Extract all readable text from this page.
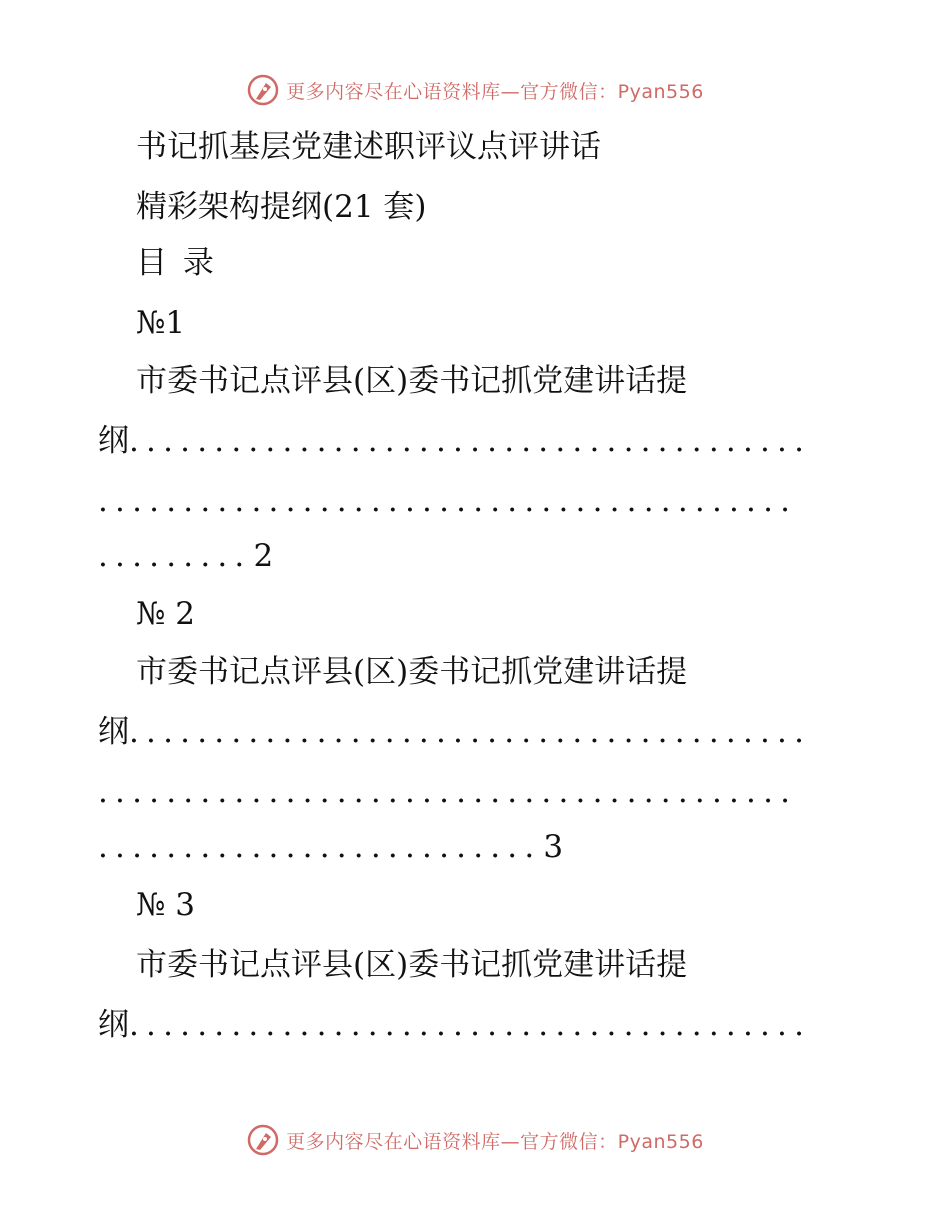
更多内容尽在心语资料库—官方微信：Pyan556
书记抓基层党建述职评议点评讲话
精彩架构提纲(21 套)
目 录
№1
市委书记点评县(区)委书记抓党建讲话提
纲........................................
.........................................
.........2
№ 2
市委书记点评县(区)委书记抓党建讲话提
纲........................................
.........................................
..........................3
№ 3
市委书记点评县(区)委书记抓党建讲话提
纲........................................
更多内容尽在心语资料库—官方微信：Pyan556
